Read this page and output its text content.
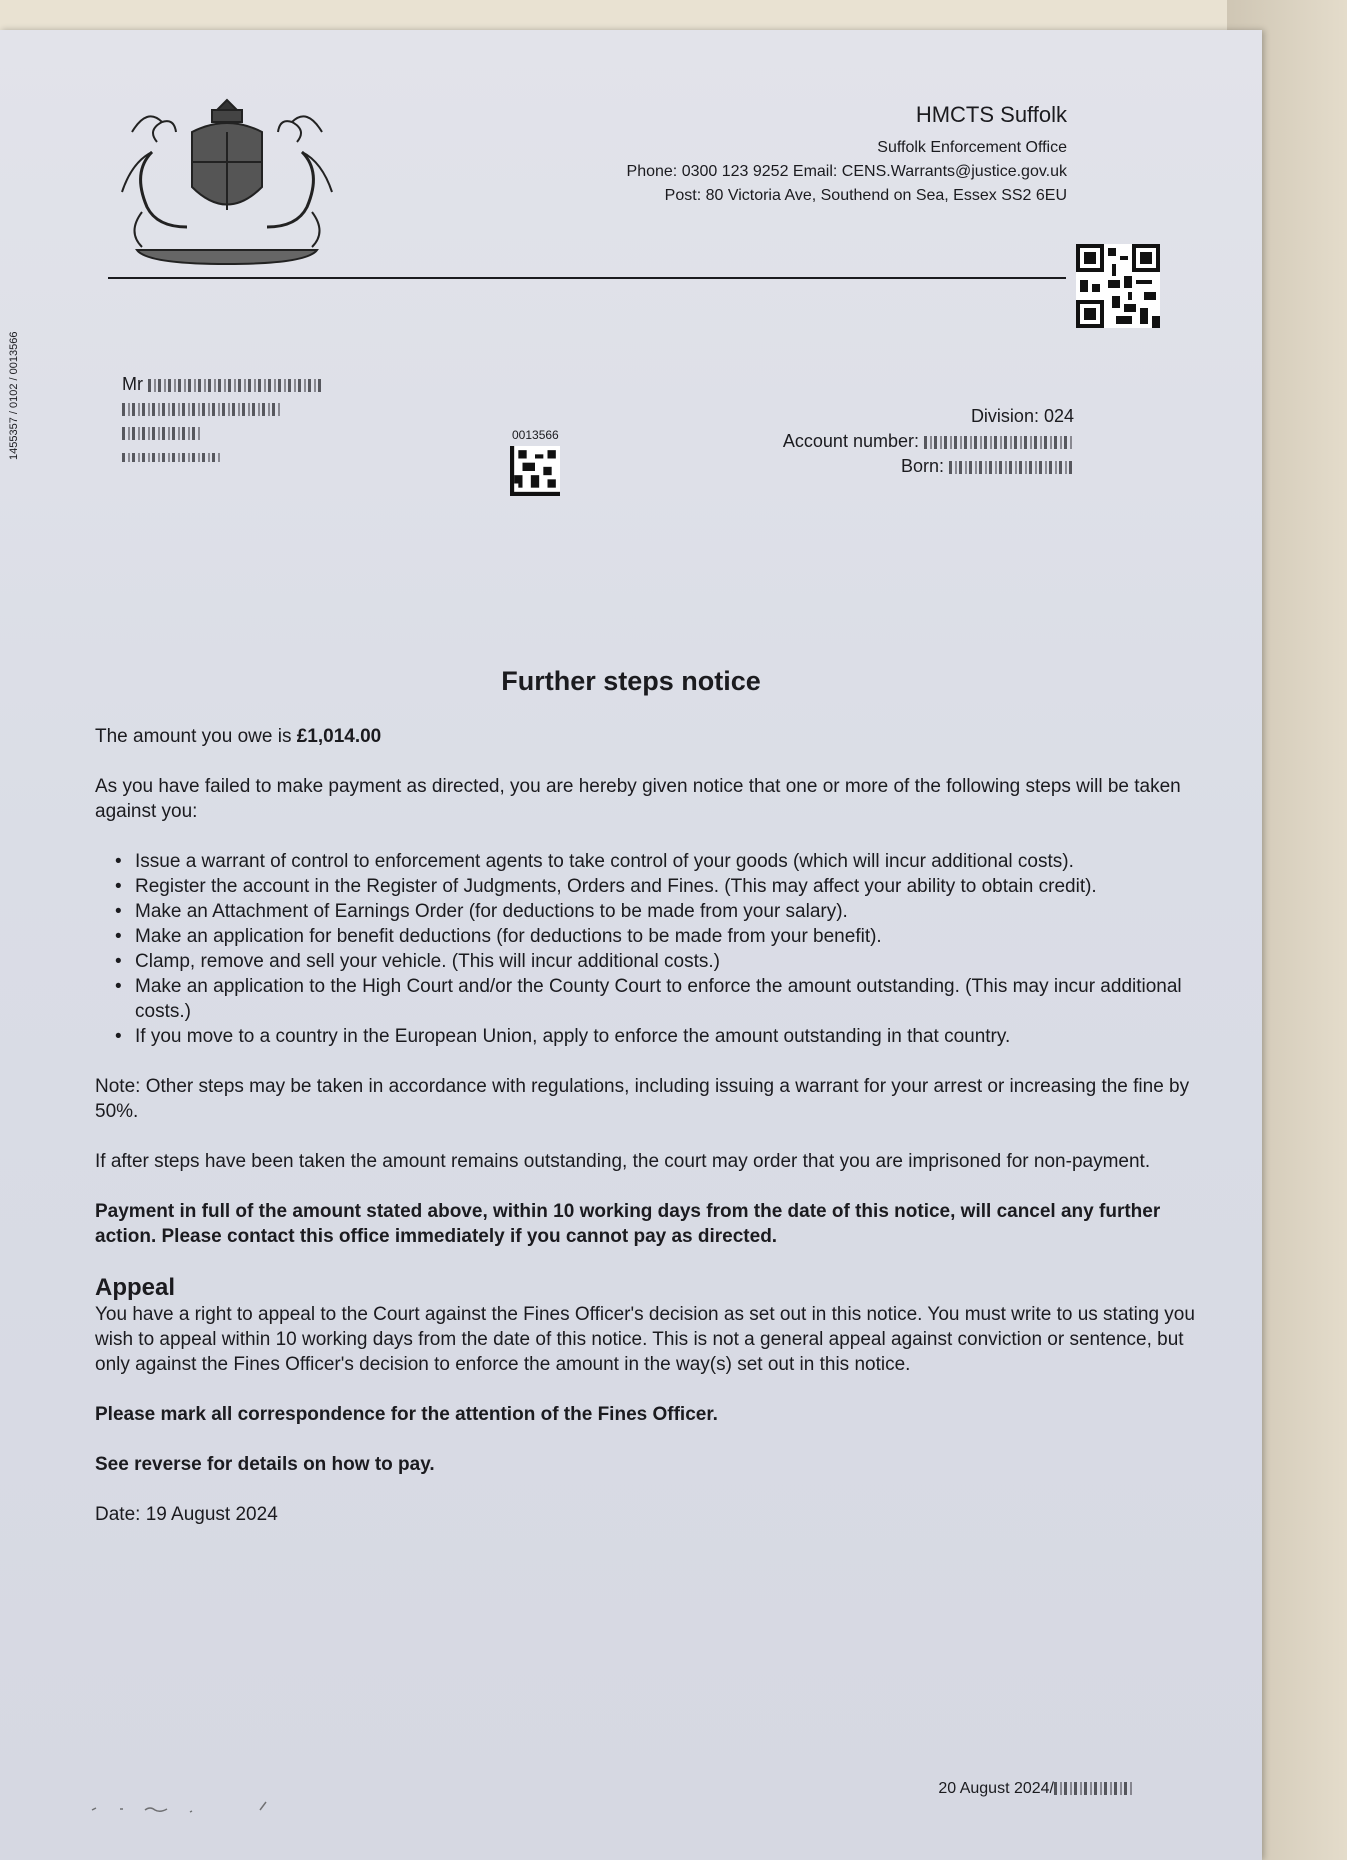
HMCTS Suffolk
Suffolk Enforcement Office
Phone: 0300 123 9252 Email: CENS.Warrants@justice.gov.uk
Post: 80 Victoria Ave, Southend on Sea, Essex SS2 6EU
1455357 / 0102 / 0013566	Mr
0013566
Division: 024
Account number:
Born:
Further steps notice

The amount you owe is £1,014.00

As you have failed to make payment as directed, you are hereby given notice that one or more of the following steps will be taken against you:

• Issue a warrant of control to enforcement agents to take control of your goods (which will incur additional costs).
• Register the account in the Register of Judgments, Orders and Fines. (This may affect your ability to obtain credit).
• Make an Attachment of Earnings Order (for deductions to be made from your salary).
• Make an application for benefit deductions (for deductions to be made from your benefit).
• Clamp, remove and sell your vehicle. (This will incur additional costs.)
• Make an application to the High Court and/or the County Court to enforce the amount outstanding. (This may incur additional costs.)
• If you move to a country in the European Union, apply to enforce the amount outstanding in that country.

Note: Other steps may be taken in accordance with regulations, including issuing a warrant for your arrest or increasing the fine by 50%.

If after steps have been taken the amount remains outstanding, the court may order that you are imprisoned for non-payment.

Payment in full of the amount stated above, within 10 working days from the date of this notice, will cancel any further action. Please contact this office immediately if you cannot pay as directed.

Appeal

You have a right to appeal to the Court against the Fines Officer's decision as set out in this notice. You must write to us stating you wish to appeal within 10 working days from the date of this notice. This is not a general appeal against conviction or sentence, but only against the Fines Officer's decision to enforce the amount in the way(s) set out in this notice.

Please mark all correspondence for the attention of the Fines Officer.

See reverse for details on how to pay.

Date: 19 August 2024

20 August 2024/
